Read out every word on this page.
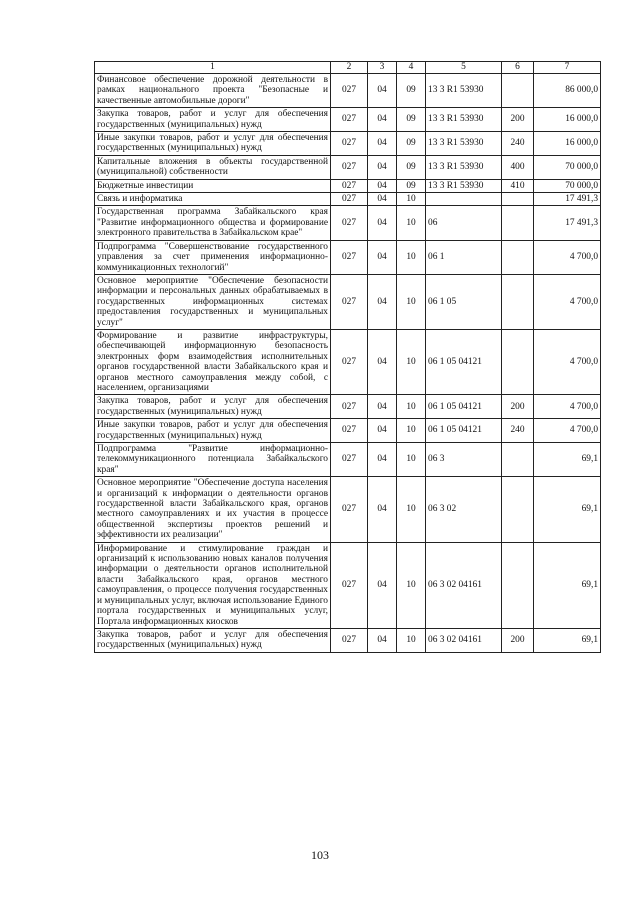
1	2	3	4	5	6	7
Финансовое обеспечение дорожной деятельности в рамках национального проекта "Безопасные и качественные автомобильные дороги"	027	04	09	13 3 R1 53930		86 000,0
Закупка товаров, работ и услуг для обеспечения государственных (муниципальных) нужд	027	04	09	13 3 R1 53930	200	16 000,0
Иные закупки товаров, работ и услуг для обеспечения государственных (муниципальных) нужд	027	04	09	13 3 R1 53930	240	16 000,0
Капитальные вложения в объекты государственной (муниципальной) собственности	027	04	09	13 3 R1 53930	400	70 000,0
Бюджетные инвестиции	027	04	09	13 3 R1 53930	410	70 000,0
Связь и информатика	027	04	10			17 491,3
Государственная программа Забайкальского края "Развитие информационного общества и формирование электронного правительства в Забайкальском крае"	027	04	10	06		17 491,3
Подпрограмма "Совершенствование государственного управления за счет применения информационно-коммуникационных технологий"	027	04	10	06 1		4 700,0
Основное мероприятие "Обеспечение безопасности информации и персональных данных обрабатываемых в государственных информационных системах предоставления государственных и муниципальных услуг"	027	04	10	06 1 05		4 700,0
Формирование и развитие инфраструктуры, обеспечивающей информационную безопасность электронных форм взаимодействия исполнительных органов государственной власти Забайкальского края и органов местного самоуправления между собой, с населением, организациями	027	04	10	06 1 05 04121		4 700,0
Закупка товаров, работ и услуг для обеспечения государственных (муниципальных) нужд	027	04	10	06 1 05 04121	200	4 700,0
Иные закупки товаров, работ и услуг для обеспечения государственных (муниципальных) нужд	027	04	10	06 1 05 04121	240	4 700,0
Подпрограмма "Развитие информационно-телекоммуникационного потенциала Забайкальского края"	027	04	10	06 3		69,1
Основное мероприятие "Обеспечение доступа населения и организаций к информации о деятельности органов государственной власти Забайкальского края, органов местного самоуправлениях и их участия в процессе общественной экспертизы проектов решений и эффективности их реализации"	027	04	10	06 3 02		69,1
Информирование и стимулирование граждан и организаций к использованию новых каналов получения информации о деятельности органов исполнительной власти Забайкальского края, органов местного самоуправления, о процессе получения государственных и муниципальных услуг, включая использование Единого портала государственных и муниципальных услуг, Портала информационных киосков	027	04	10	06 3 02 04161		69,1
Закупка товаров, работ и услуг для обеспечения государственных (муниципальных) нужд	027	04	10	06 3 02 04161	200	69,1
103
